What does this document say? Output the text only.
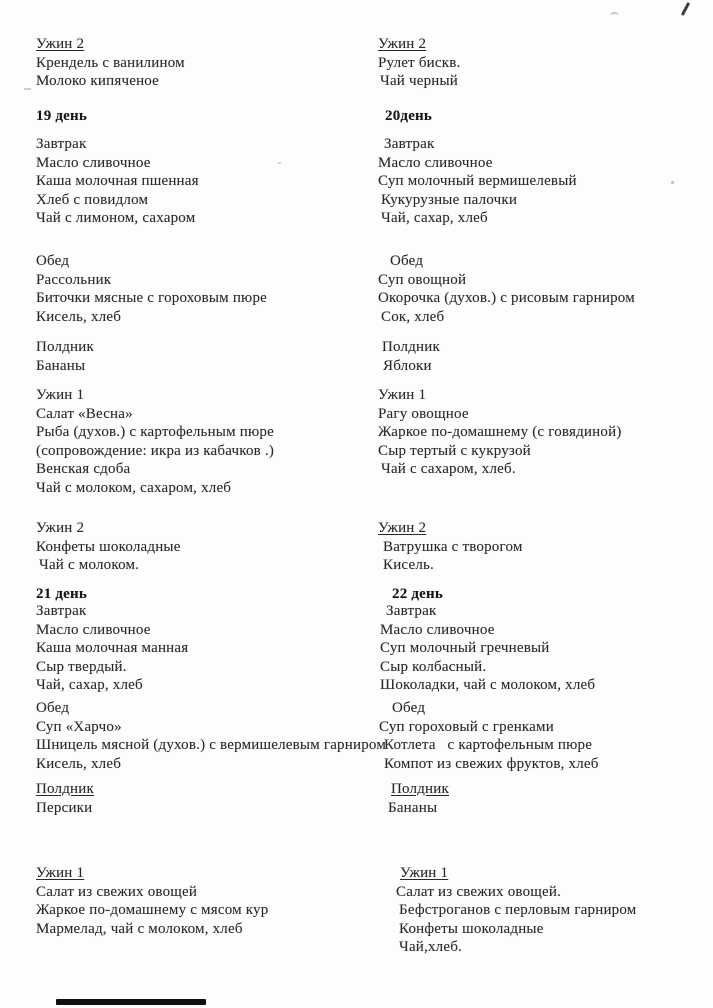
Ужин 2
Крендель с ванилином
Молоко кипяченое
19 день
Завтрак
Масло сливочное
Каша молочная пшенная
Хлеб с повидлом
Чай с лимоном, сахаром
Обед
Рассольник
Биточки мясные с гороховым пюре
Кисель, хлеб
Полдник
Бананы
Ужин 1
Салат «Весна»
Рыба (духов.) с картофельным пюре
(сопровождение: икра из кабачков .)
Венская сдоба
Чай с молоком, сахаром, хлеб
Ужин 2
Конфеты шоколадные
Чай с молоком.
21 день
Завтрак
Масло сливочное
Каша молочная манная
Сыр твердый.
Чай, сахар, хлеб
Обед
Суп «Харчо»
Шницель мясной (духов.) с вермишелевым гарниром
Кисель, хлеб
Полдник
Персики
Ужин 1
Салат из свежих овощей
Жаркое по-домашнему с мясом кур
Мармелад, чай с молоком, хлеб
Ужин 2
Рулет бискв.
Чай черный
20день
Завтрак
Масло сливочное
Суп молочный вермишелевый
Кукурузные палочки
Чай, сахар, хлеб
Обед
Суп овощной
Окорочка (духов.) с рисовым гарниром
Сок, хлеб
Полдник
Яблоки
Ужин 1
Рагу овощное
Жаркое по-домашнему (с говядиной)
Сыр тертый с кукрузой
Чай с сахаром, хлеб.
Ужин 2
Ватрушка с творогом
Кисель.
22 день
Завтрак
Масло сливочное
Суп молочный гречневый
Сыр колбасный.
Шоколадки, чай с молоком, хлеб
Обед
Суп гороховый с гренками
Котлета   с картофельным пюре
Компот из свежих фруктов, хлеб
Полдник
Бананы
Ужин 1
Салат из свежих овощей.
Бефстроганов с перловым гарниром
Конфеты шоколадные
Чай,хлеб.
